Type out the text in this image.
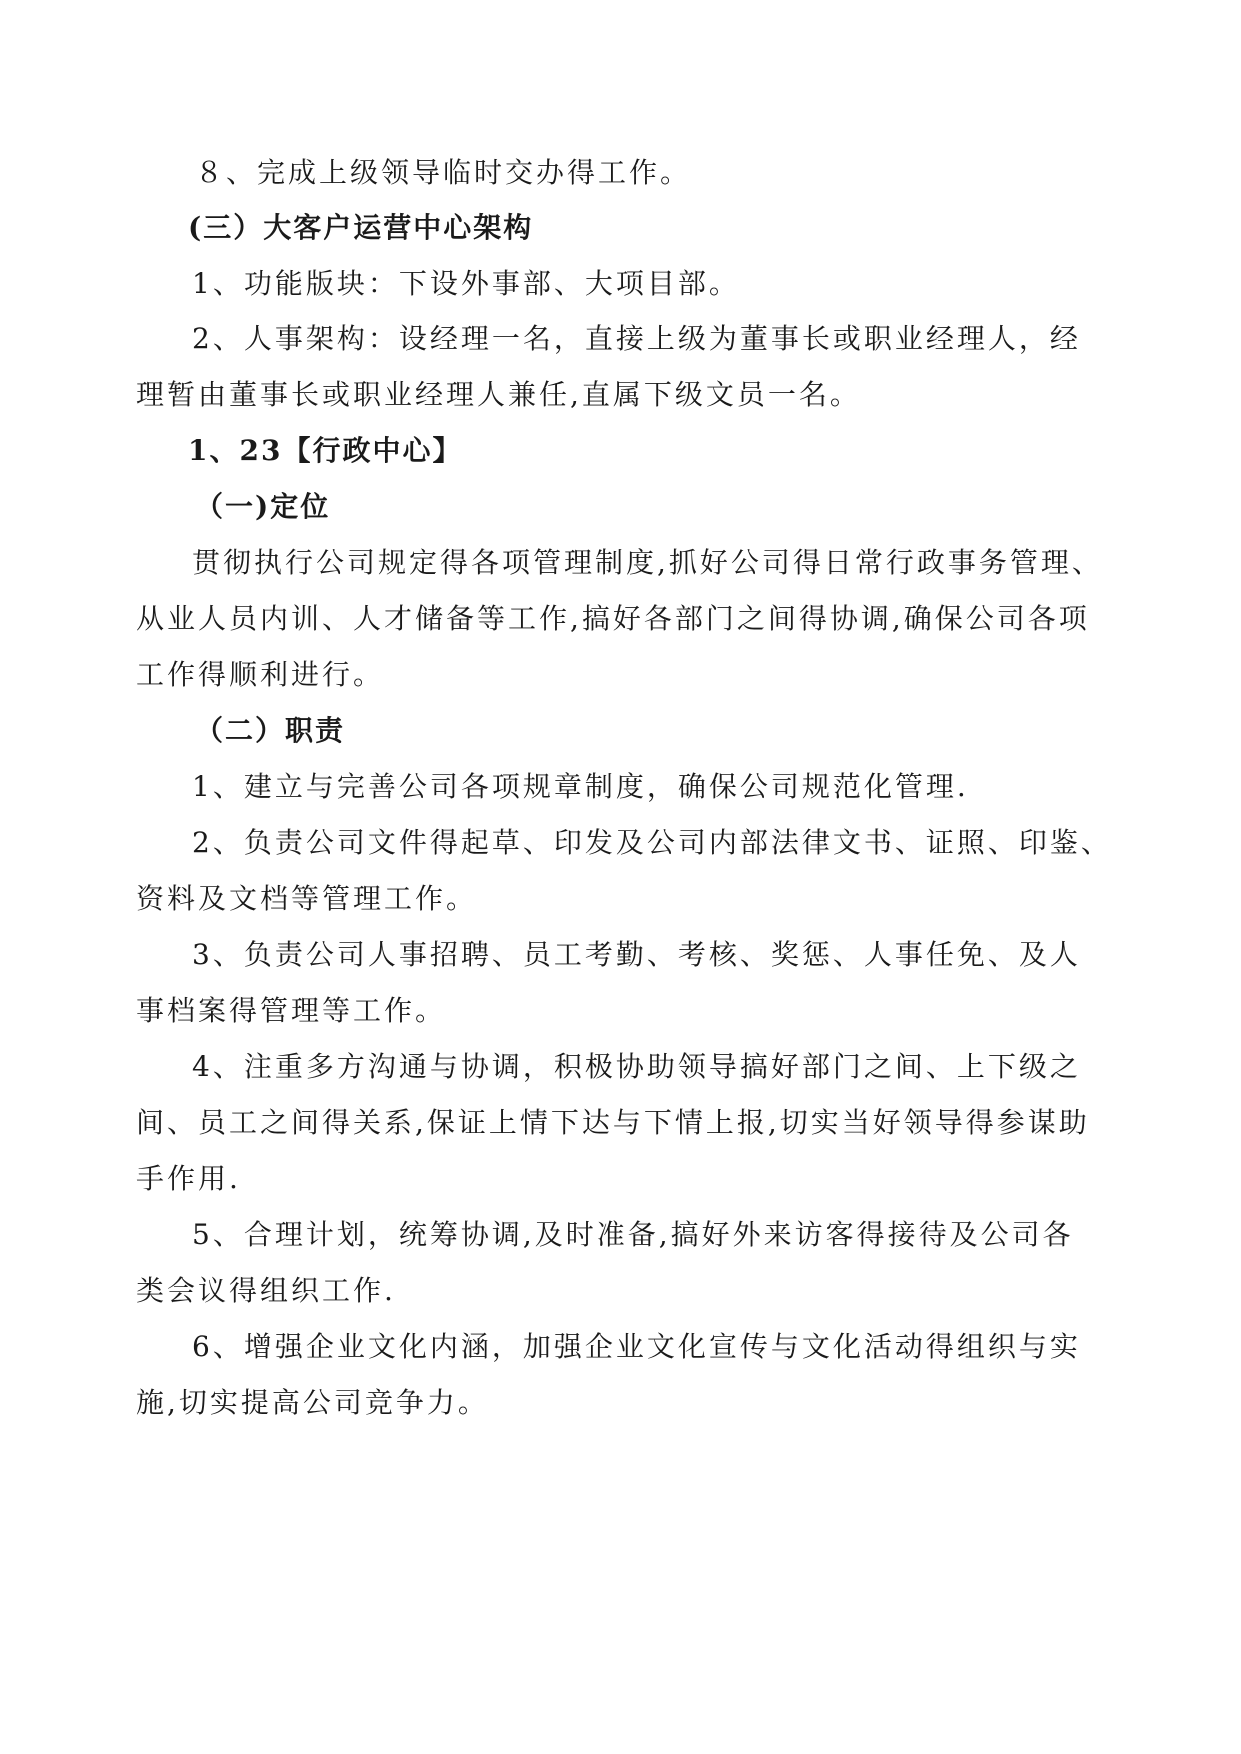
８、完成上级领导临时交办得工作。
(三）大客户运营中心架构
1、功能版块：下设外事部、大项目部。
2、人事架构：设经理一名，直接上级为董事长或职业经理人，经
理暂由董事长或职业经理人兼任,直属下级文员一名。
1、23【行政中心】
（一)定位
贯彻执行公司规定得各项管理制度,抓好公司得日常行政事务管理、
从业人员内训、人才储备等工作,搞好各部门之间得协调,确保公司各项
工作得顺利进行。
（二）职责
1、建立与完善公司各项规章制度，确保公司规范化管理.
2、负责公司文件得起草、印发及公司内部法律文书、证照、印鉴、
资料及文档等管理工作。
3、负责公司人事招聘、员工考勤、考核、奖惩、人事任免、及人
事档案得管理等工作。
4、注重多方沟通与协调，积极协助领导搞好部门之间、上下级之
间、员工之间得关系,保证上情下达与下情上报,切实当好领导得参谋助
手作用.
5、合理计划，统筹协调,及时准备,搞好外来访客得接待及公司各
类会议得组织工作.
6、增强企业文化内涵，加强企业文化宣传与文化活动得组织与实
施,切实提高公司竞争力。
